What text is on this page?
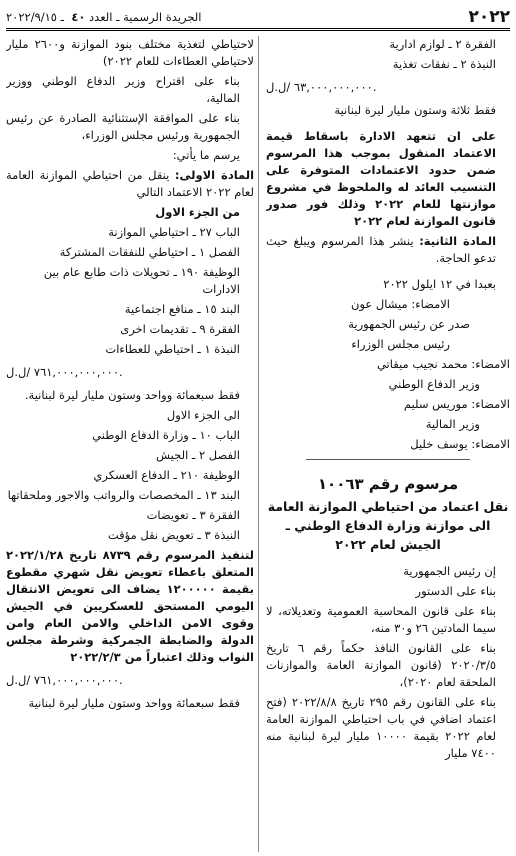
٢٠٢٢
الجريدة الرسمية ـ العدد ٤٠  ـ ٢٠٢٢/٩/١٥

الفقرة ٢ ـ لوازم ادارية

النبذة ٢ ـ نفقات تغذية

٦٣,٠٠٠,٠٠٠,٠٠٠ /ل.ل.

فقط ثلاثة وستون مليار ليرة لبنانية

على ان تتعهد الادارة باسقاط قيمة الاعتماد المنقول بموجب هذا المرسوم ضمن حدود الاعتمادات المتوفرة على التنسيب العائد له والملحوظ في مشروع موازنتها للعام ٢٠٢٢ وذلك فور صدور قانون الموازنة لعام ٢٠٢٢

المادة الثانية: ينشر هذا المرسوم ويبلغ حيث تدعو الحاجة.

بعبدا في ١٢ ايلول ٢٠٢٢

الامضاء: ميشال عون

صدر عن رئيس الجمهورية

رئيس مجلس الوزراء

الامضاء: محمد نجيب ميقاتي

وزير الدفاع الوطني

الامضاء: موريس سليم

وزير المالية

الامضاء: يوسف خليل

مرسوم رقم ١٠٠٦٣

نقل اعتماد من احتياطي الموازنة العامة الى موازنة وزارة الدفاع الوطني ـ الجيش لعام ٢٠٢٢

إن رئيس الجمهورية

بناء على الدستور

بناء على قانون المحاسبة العمومية وتعديلاته، لا سيما المادتين ٢٦ و٣٠ منه،

بناء على القانون النافذ حكماً رقم ٦ تاريخ ٢٠٢٠/٣/٥ (قانون الموازنة العامة والموازنات الملحقة لعام ٢٠٢٠)،

بناء على القانون رقم ٢٩٥ تاريخ ٢٠٢٢/٨/٨ (فتح اعتماد اضافي في باب احتياطي الموازنة العامة لعام ٢٠٢٢ بقيمة ١٠٠٠٠ مليار ليرة لبنانية منه ٧٤٠٠ مليار

لاحتياطي لتغذية مختلف بنود الموازنة و٢٦٠٠ مليار لاحتياطي العطاءات للعام ٢٠٢٢)

بناء على اقتراح وزير الدفاع الوطني ووزير المالية،

بناء على الموافقة الإستثنائية الصادرة عن رئيس الجمهورية ورئيس مجلس الوزراء،

يرسم ما يأتي:

المادة الاولى: ينقل من احتياطي الموازنة العامة لعام ٢٠٢٢ الاعتماد التالي

من الجزء الاول

الباب ٢٧ ـ احتياطي الموازنة

الفصل ١ ـ احتياطي للنفقات المشتركة

الوظيفة ١٩٠ ـ تحويلات ذات طابع عام بين الادارات

البند ١٥ ـ منافع اجتماعية

الفقرة ٩ ـ تقديمات اخرى

النبذة ١ ـ احتياطي للعطاءات

٧٦١,٠٠٠,٠٠٠,٠٠٠ /ل.ل.

فقط سبعمائة وواحد وستون مليار ليرة لبنانية.

الى الجزء الاول

الباب ١٠ ـ وزارة الدفاع الوطني

الفصل ٢ ـ الجيش

الوظيفة ٢١٠ ـ الدفاع العسكري

البند ١٣ ـ المخصصات والرواتب والاجور وملحقاتها

الفقرة ٣ ـ تعويضات

النبذة ٣ ـ تعويض نقل مؤقت

لتنفيذ المرسوم رقم ٨٧٣٩ تاريخ ٢٠٢٢/١/٢٨ المتعلق باعطاء تعويض نقل شهري مقطوع بقيمة ١٢٠٠٠٠٠ يضاف الى تعويض الانتقال اليومي المستحق للعسكريين في الجيش وقوى الامن الداخلي والامن العام وامن الدولة والضابطة الجمركية وشرطة مجلس النواب وذلك اعتباراً من ٢٠٢٢/٢/٣

٧٦١,٠٠٠,٠٠٠,٠٠٠ /ل.ل.

فقط سبعمائة وواحد وستون مليار ليرة لبنانية
